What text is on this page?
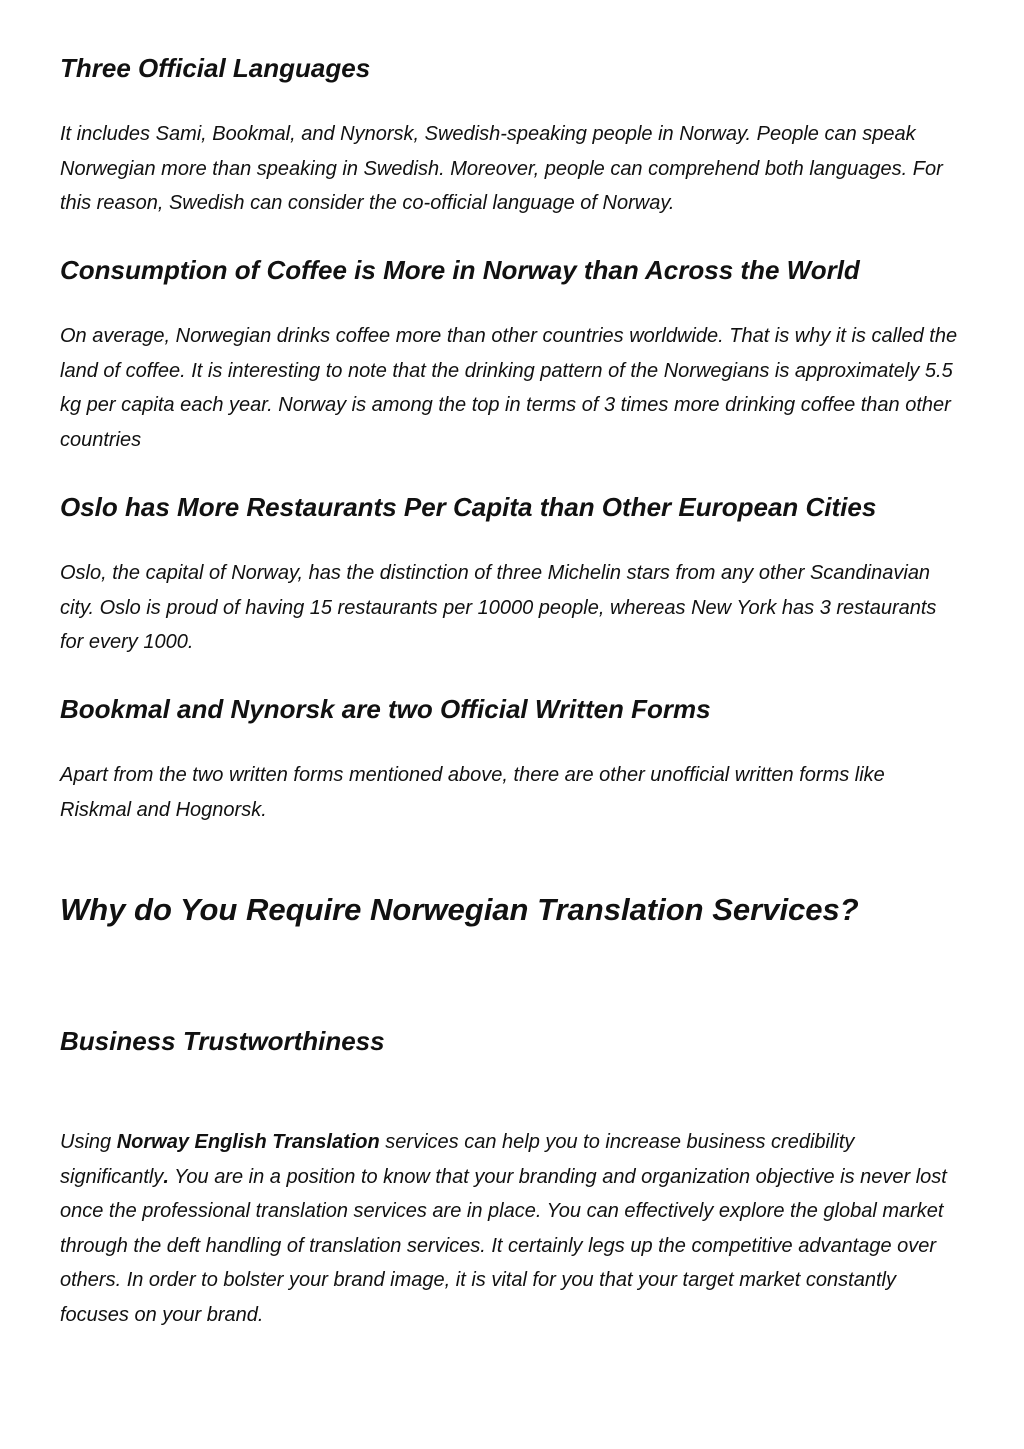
Three Official Languages

It includes Sami, Bookmal, and Nynorsk, Swedish-speaking people in Norway. People can speak Norwegian more than speaking in Swedish. Moreover, people can comprehend both languages. For this reason, Swedish can consider the co-official language of Norway.

Consumption of Coffee is More in Norway than Across the World

On average, Norwegian drinks coffee more than other countries worldwide. That is why it is called the land of coffee. It is interesting to note that the drinking pattern of the Norwegians is approximately 5.5 kg per capita each year. Norway is among the top in terms of 3 times more drinking coffee than other countries

Oslo has More Restaurants Per Capita than Other European Cities

Oslo, the capital of Norway, has the distinction of three Michelin stars from any other Scandinavian city. Oslo is proud of having 15 restaurants per 10000 people, whereas New York has 3 restaurants for every 1000.

Bookmal and Nynorsk are two Official Written Forms

Apart from the two written forms mentioned above, there are other unofficial written forms like Riskmal and Hognorsk.

Why do You Require Norwegian Translation Services?
Business Trustworthiness

Using Norway English Translation services can help you to increase business credibility significantly. You are in a position to know that your branding and organization objective is never lost once the professional translation services are in place. You can effectively explore the global market through the deft handling of translation services. It certainly legs up the competitive advantage over others. In order to bolster your brand image, it is vital for you that your target market constantly focuses on your brand.
